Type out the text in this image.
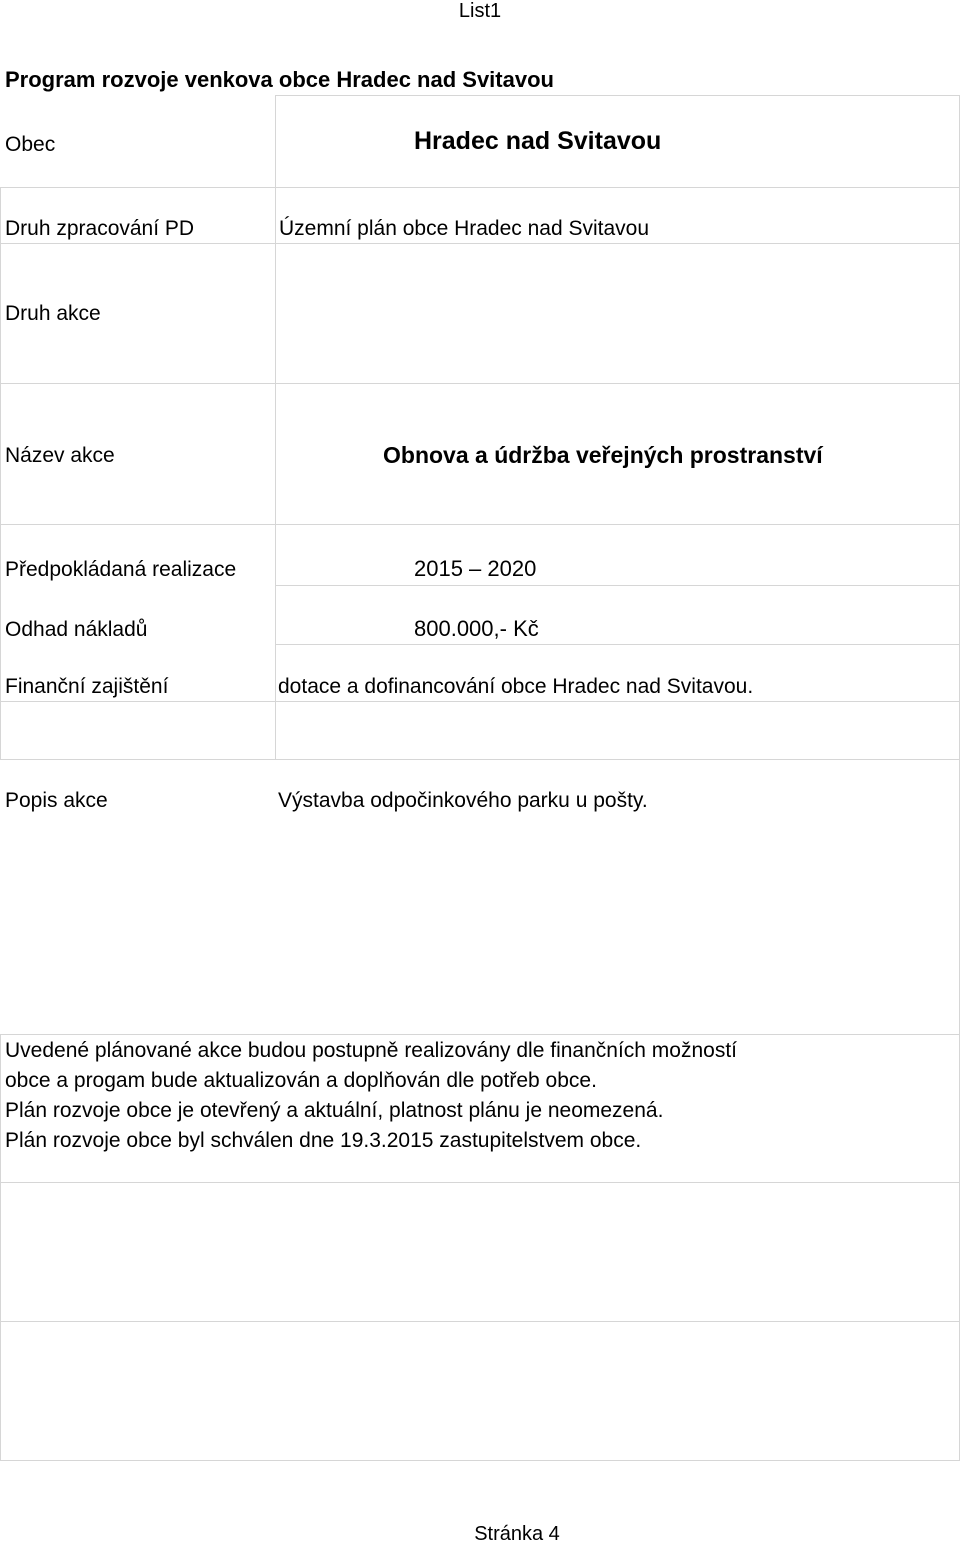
List1
Program rozvoje venkova obce Hradec nad Svitavou
Obec	Hradec nad Svitavou
Druh zpracování PD	Územní plán obce Hradec nad Svitavou
Druh akce
Název akce	Obnova a údržba veřejných prostranství
Předpokládaná realizace	2015 – 2020
Odhad nákladů	800.000,- Kč
Finanční zajištění	dotace a dofinancování obce Hradec nad Svitavou.
Popis akce	Výstavba odpočinkového parku u pošty.
Uvedené plánované akce budou postupně realizovány dle finančních možností
obce a progam bude aktualizován a doplňován dle potřeb obce.
Plán rozvoje obce je otevřený a aktuální, platnost plánu je neomezená.
Plán rozvoje obce byl schválen dne 19.3.2015 zastupitelstvem obce.
Stránka 4
